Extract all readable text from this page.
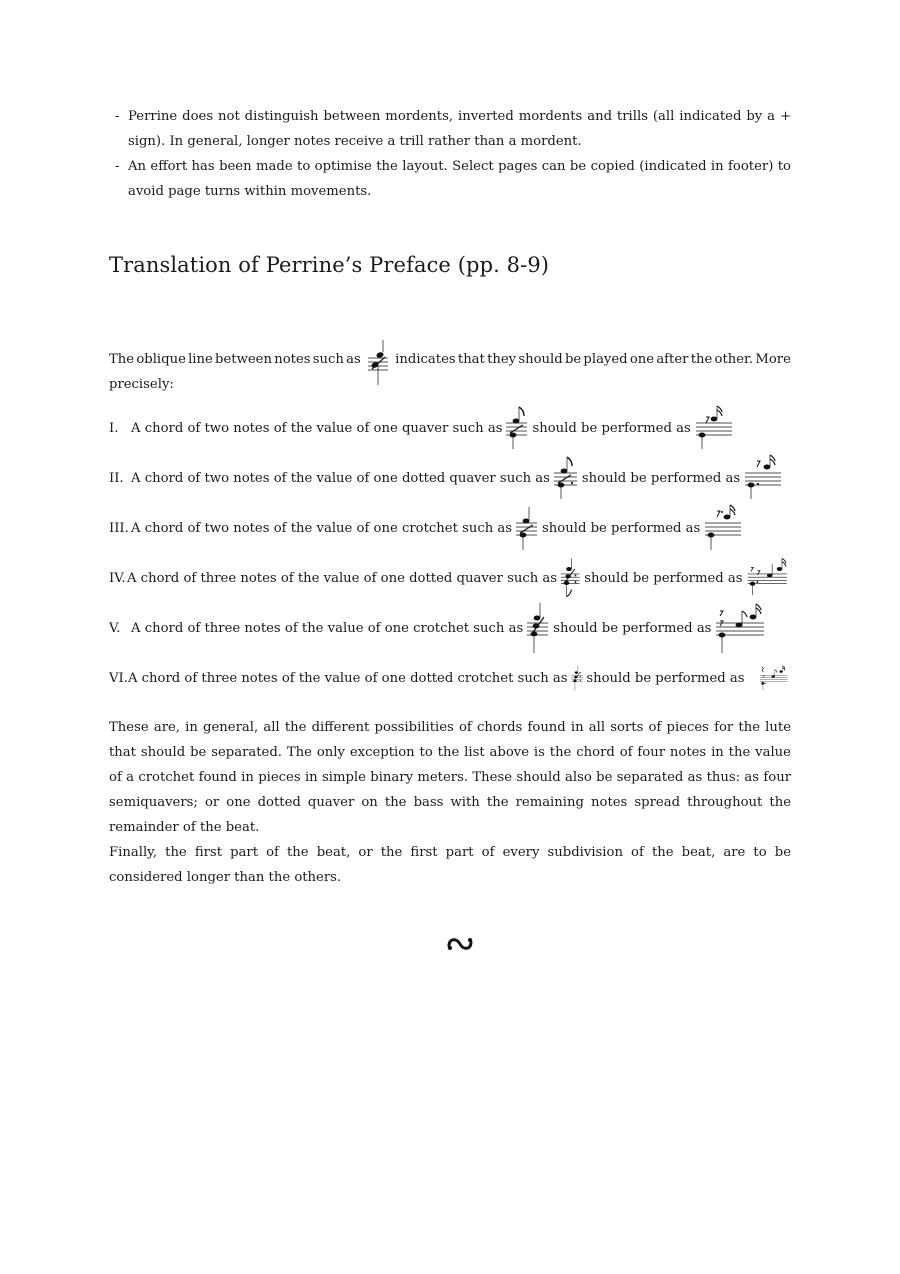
- Perrine does not distinguish between mordents, inverted mordents and trills (all indicated by a + sign). In general, longer notes receive a trill rather than a mordent.
- An effort has been made to optimise the layout. Select pages can be copied (indicated in footer) to avoid page turns within movements.
Translation of Perrine’s Preface (pp. 8-9)
The oblique line between notes such as	indicates that they should be played one after the other. More
precisely:
I. A chord of two notes of the value of one quaver such as should be performed as
II. A chord of two notes of the value of one dotted quaver such as should be performed as
III. A chord of two notes of the value of one crotchet such as should be performed as
IV. A chord of three notes of the value of one dotted quaver such as should be performed as
V. A chord of three notes of the value of one crotchet such as should be performed as
VI. A chord of three notes of the value of one dotted crotchet such as should be performed as
These are, in general, all the different possibilities of chords found in all sorts of pieces for the lute that should be separated. The only exception to the list above is the chord of four notes in the value of a crotchet found in pieces in simple binary meters. These should also be separated as thus: as four semiquavers; or one dotted quaver on the bass with the remaining notes spread throughout the remainder of the beat.
Finally, the first part of the beat, or the first part of every subdivision of the beat, are to be considered longer than the others.
